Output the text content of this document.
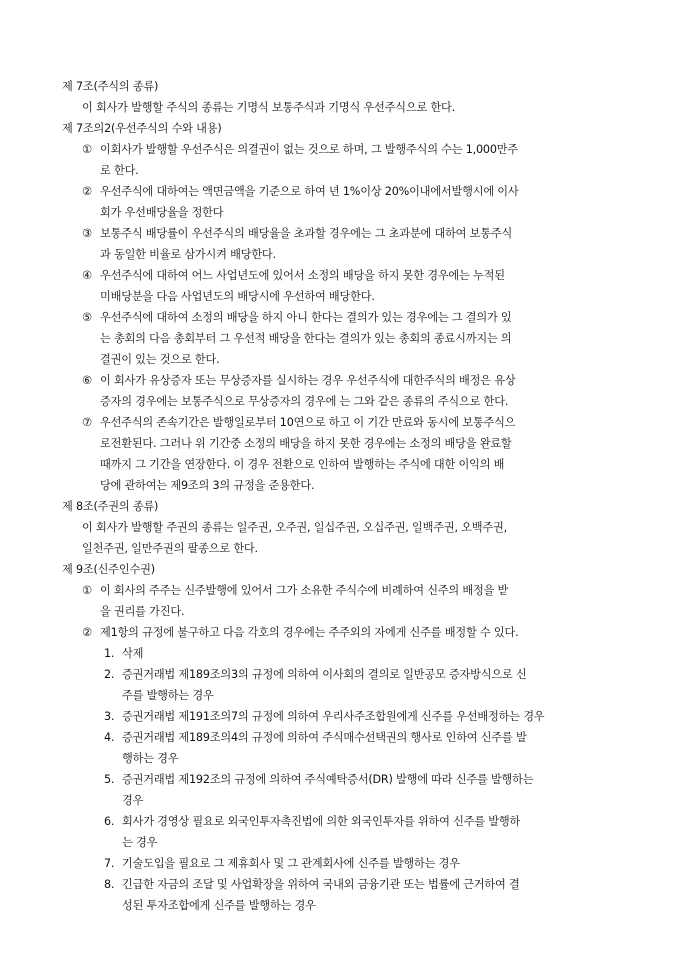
제 7조(주식의 종류)
이 회사가 발행할 주식의 종류는 기명식 보통주식과 기명식 우선주식으로 한다.
제 7조의2(우선주식의 수와 내용)
① 이회사가 발행할 우선주식은 의결권이 없는 것으로 하며, 그 발행주식의 수는 1,000만주
로 한다.
② 우선주식에 대하여는 액면금액을 기준으로 하여 년 1%이상 20%이내에서발행시에 이사
회가 우선배당율을 정한다
③ 보통주식 배당률이 우선주식의 배당율을 초과할 경우에는 그 초과분에 대하여 보통주식
과 동일한 비율로 삼가시켜 배당한다.
④ 우선주식에 대하여 어느 사업년도에 있어서 소정의 배당을 하지 못한 경우에는 누적된
미배당분을 다음 사업년도의 배당시에 우선하여 배당한다.
⑤ 우선주식에 대하여 소정의 배당을 하지 아니 한다는 결의가 있는 경우에는 그 결의가 있
는 총회의 다음 총회부터 그 우선적 배당을 한다는 결의가 있는 총회의 종료시까지는 의
결권이 있는 것으로 한다.
⑥ 이 회사가 유상증자 또는 무상증자를 실시하는 경우 우선주식에 대한주식의 배정은 유상
증자의 경우에는 보통주식으로 무상증자의 경우에 는 그와 같은 종류의 주식으로 한다.
⑦ 우선주식의 존속기간은 발행일로부터 10연으로 하고 이 기간 만료와 동시에 보통주식으
로전환된다. 그러나 위 기간중 소정의 배당을 하지 못한 경우에는 소정의 배당을 완료할
때까지 그 기간을 연장한다. 이 경우 전환으로 인하여 발행하는 주식에 대한 이익의 배
당에 관하여는 제9조의 3의 규정을 준용한다.
제 8조(주권의 종류)
이 회사가 발행할 주권의 종류는 일주권, 오주권, 일십주권, 오십주권, 일백주권, 오백주권,
일천주권, 일만주권의 팔종으로 한다.
제 9조(신주인수권)
① 이 회사의 주주는 신주발행에 있어서 그가 소유한 주식수에 비례하여 신주의 배정을 받
을 권리를 가진다.
② 제1항의 규정에 불구하고 다음 각호의 경우에는 주주외의 자에게 신주를 배정할 수 있다.
1. 삭제
2. 증권거래법 제189조의3의 규정에 의하여 이사회의 결의로 일반공모 증자방식으로 신
주를 발행하는 경우
3. 증권거래법 제191조의7의 규정에 의하여 우리사주조합원에게 신주를 우선배정하는 경우
4. 증권거래법 제189조의4의 규정에 의하여 주식매수선택권의 행사로 인하여 신주를 발
행하는 경우
5. 증권거래법 제192조의 규정에 의하여 주식예탁증서(DR) 발행에 따라 신주를 발행하는
경우
6. 회사가 경영상 필요로 외국인투자촉진법에 의한 외국인투자를 위하여 신주를 발행하
는 경우
7. 기술도입을 필요로 그 제휴회사 및 그 관계회사에 신주를 발행하는 경우
8. 긴급한 자금의 조달 및 사업확장을 위하여 국내외 금융기관 또는 법률에 근거하여 결
성된 투자조합에게 신주를 발행하는 경우
